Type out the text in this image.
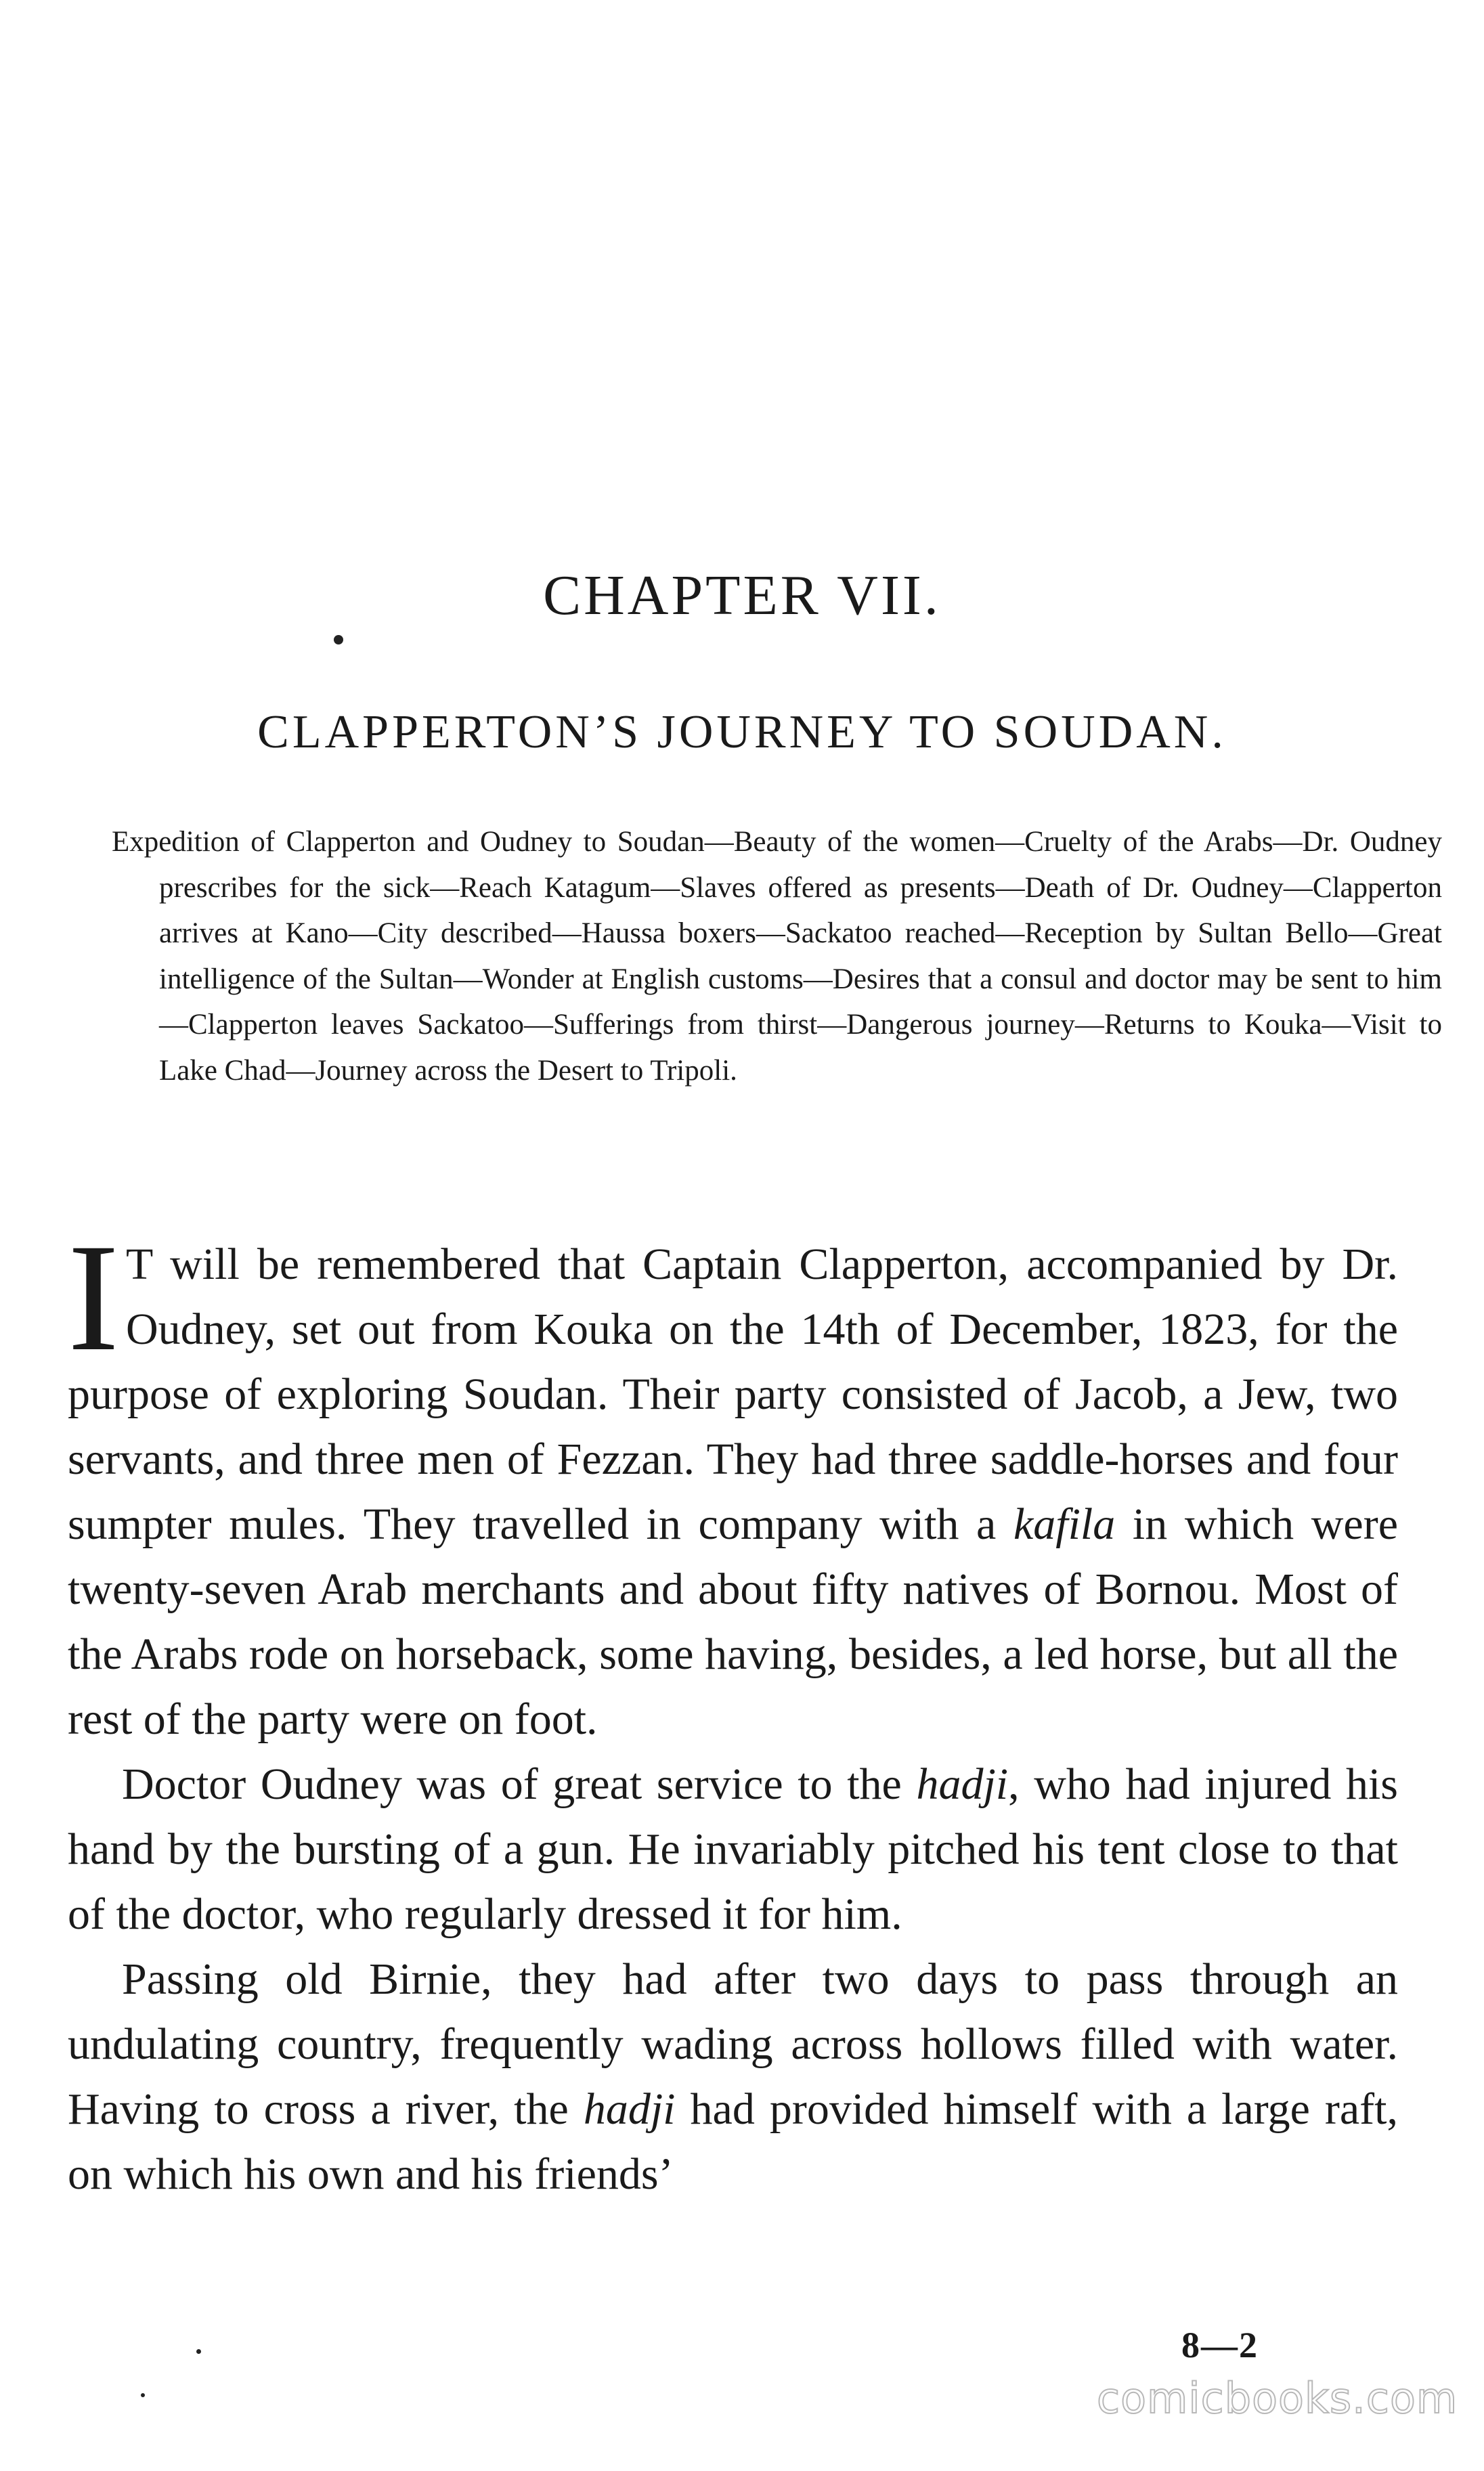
CHAPTER VII.
CLAPPERTON’S JOURNEY TO SOUDAN.

Expedition of Clapperton and Oudney to Soudan—Beauty of the women—Cruelty of the Arabs—Dr. Oudney prescribes for the sick—Reach Katagum—Slaves offered as presents—Death of Dr. Oudney—Clapperton arrives at Kano—City described—Haussa boxers—Sackatoo reached—Reception by Sultan Bello—Great intelligence of the Sultan—Wonder at English customs—Desires that a consul and doctor may be sent to him—Clapperton leaves Sackatoo—Sufferings from thirst—Dangerous journey—Returns to Kouka—Visit to Lake Chad—Journey across the Desert to Tripoli.

IT will be remembered that Captain Clapperton, accompanied by Dr. Oudney, set out from Kouka on the 14th of December, 1823, for the purpose of exploring Soudan. Their party consisted of Jacob, a Jew, two servants, and three men of Fezzan. They had three saddle-horses and four sumpter mules. They travelled in company with a kafila in which were twenty-seven Arab merchants and about fifty natives of Bornou. Most of the Arabs rode on horseback, some having, besides, a led horse, but all the rest of the party were on foot.

Doctor Oudney was of great service to the hadji, who had injured his hand by the bursting of a gun. He invariably pitched his tent close to that of the doctor, who regularly dressed it for him.

Passing old Birnie, they had after two days to pass through an undulating country, frequently wading across hollows filled with water. Having to cross a river, the hadji had provided himself with a large raft, on which his own and his friends’

8—2
comicbooks.com
